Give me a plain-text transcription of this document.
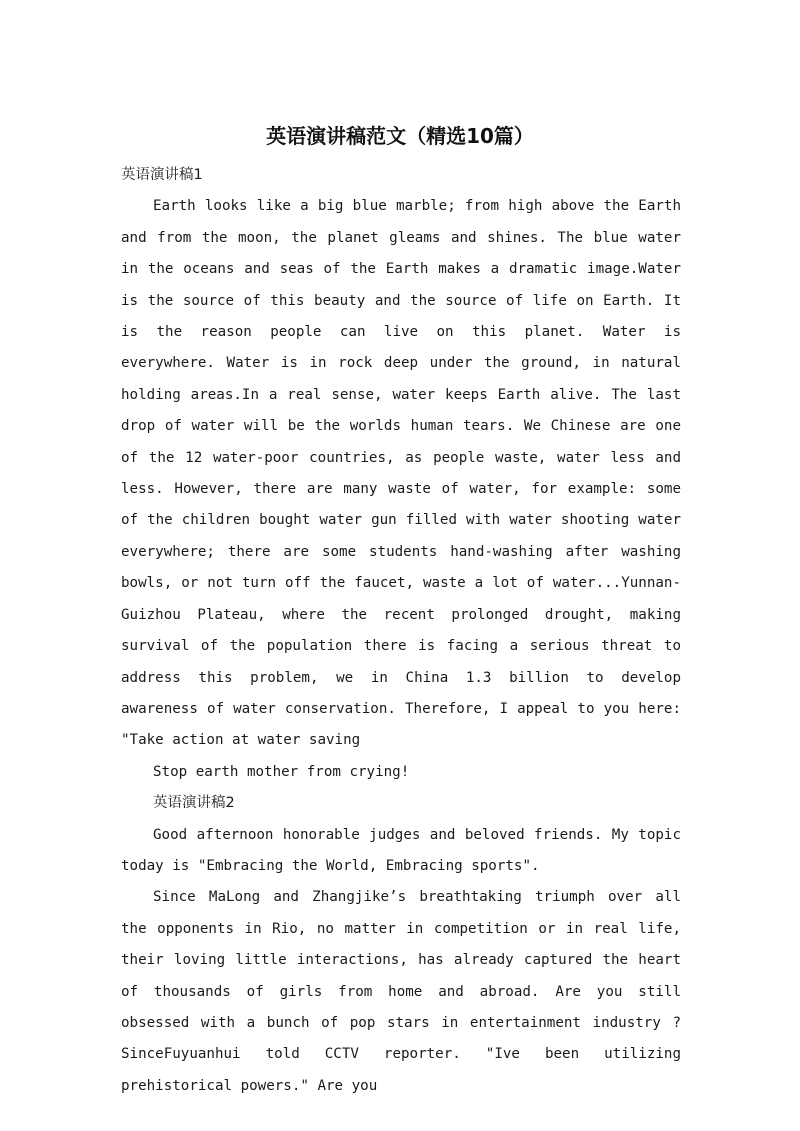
英语演讲稿范文（精选10篇）

英语演讲稿1

Earth looks like a big blue marble; from high above the Earth and from the moon, the planet gleams and shines. The blue water in the oceans and seas of the Earth makes a dramatic image.Water is the source of this beauty and the source of life on Earth. It is the reason people can live on this planet. Water is everywhere. Water is in rock deep under the ground, in natural holding areas.In a real sense, water keeps Earth alive. The last drop of water will be the worlds human tears. We Chinese are one of the 12 water-poor countries, as people waste, water less and less. However, there are many waste of water, for example: some of the children bought water gun filled with water shooting water everywhere; there are some students hand-washing after washing bowls, or not turn off the faucet, waste a lot of water...Yunnan-Guizhou Plateau, where the recent prolonged drought, making survival of the population there is facing a serious threat to address this problem, we in China 1.3 billion to develop awareness of water conservation. Therefore, I appeal to you here: "Take action at water saving

Stop earth mother from crying!

英语演讲稿2

Good afternoon honorable judges and beloved friends. My topic today is "Embracing the World, Embracing sports".

Since MaLong and Zhangjike’s breathtaking triumph over all the opponents in Rio, no matter in competition or in real life, their loving little interactions, has already captured the heart of thousands of girls from home and abroad. Are you still obsessed with a bunch of pop stars in entertainment industry ?SinceFuyuanhui told CCTV reporter. "Ive been utilizing prehistorical powers." Are you
